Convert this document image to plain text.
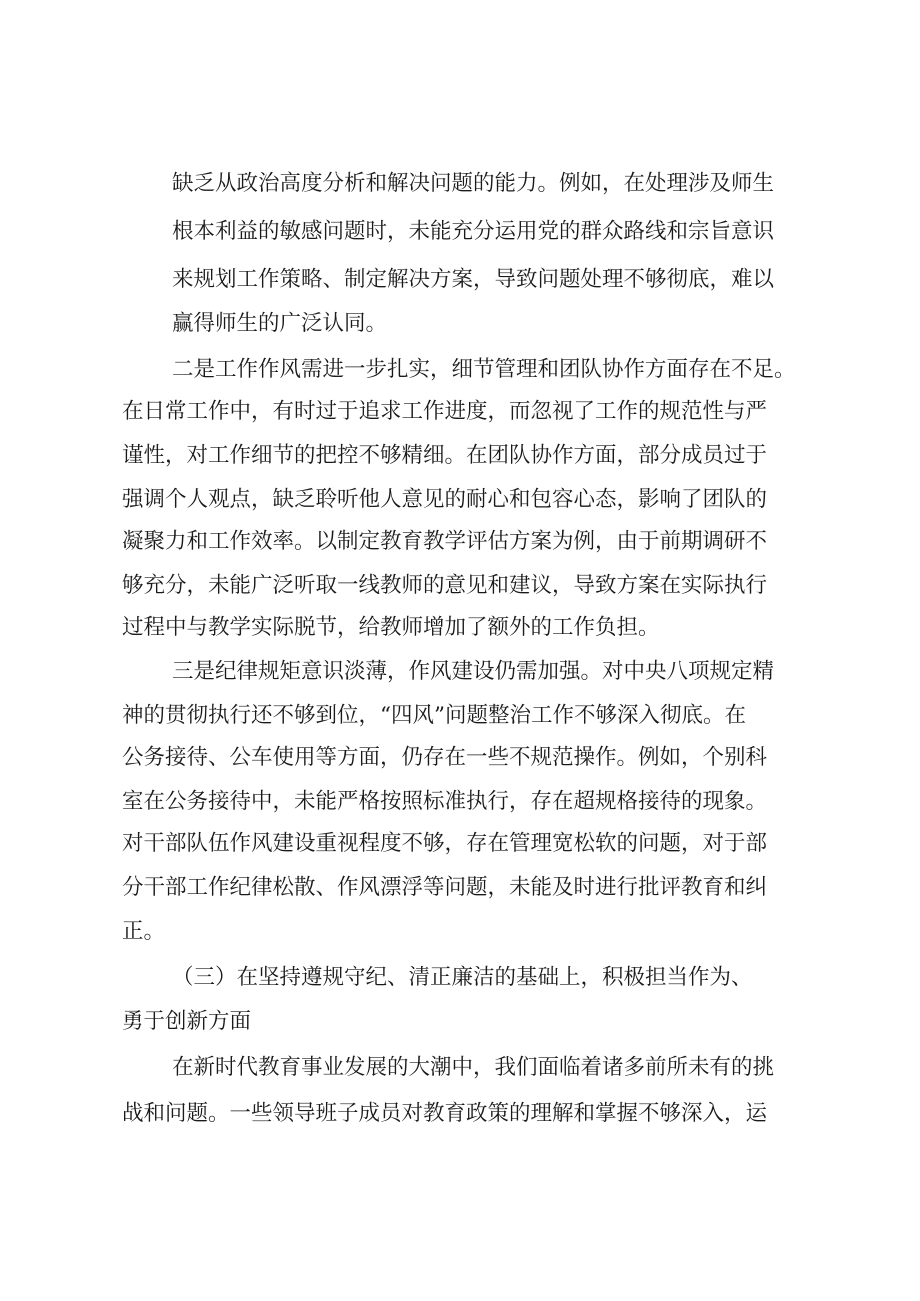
缺乏从政治高度分析和解决问题的能力。例如，在处理涉及师生
根本利益的敏感问题时，未能充分运用党的群众路线和宗旨意识
来规划工作策略、制定解决方案，导致问题处理不够彻底，难以
赢得师生的广泛认同。
二是工作作风需进一步扎实，细节管理和团队协作方面存在不足。
在日常工作中，有时过于追求工作进度，而忽视了工作的规范性与严
谨性，对工作细节的把控不够精细。在团队协作方面，部分成员过于
强调个人观点，缺乏聆听他人意见的耐心和包容心态，影响了团队的
凝聚力和工作效率。以制定教育教学评估方案为例，由于前期调研不
够充分，未能广泛听取一线教师的意见和建议，导致方案在实际执行
过程中与教学实际脱节，给教师增加了额外的工作负担。
三是纪律规矩意识淡薄，作风建设仍需加强。对中央八项规定精
神的贯彻执行还不够到位，“四风”问题整治工作不够深入彻底。在
公务接待、公车使用等方面，仍存在一些不规范操作。例如，个别科
室在公务接待中，未能严格按照标准执行，存在超规格接待的现象。
对干部队伍作风建设重视程度不够，存在管理宽松软的问题，对于部
分干部工作纪律松散、作风漂浮等问题，未能及时进行批评教育和纠
正。
（三）在坚持遵规守纪、清正廉洁的基础上，积极担当作为、
勇于创新方面
在新时代教育事业发展的大潮中，我们面临着诸多前所未有的挑
战和问题。一些领导班子成员对教育政策的理解和掌握不够深入，运
